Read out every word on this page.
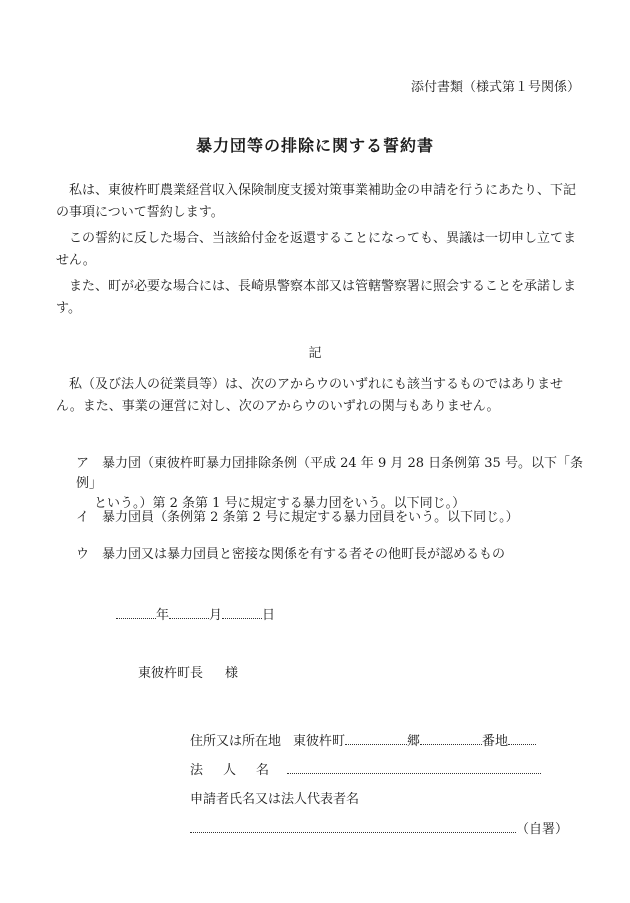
添付書類（様式第１号関係）
暴力団等の排除に関する誓約書
私は、東彼杵町農業経営収入保険制度支援対策事業補助金の申請を行うにあたり、下記の事項について誓約します。
この誓約に反した場合、当該給付金を返還することになっても、異議は一切申し立てません。
また、町が必要な場合には、長崎県警察本部又は管轄警察署に照会することを承諾します。
記
私（及び法人の従業員等）は、次のアからウのいずれにも該当するものではありません。また、事業の運営に対し、次のアからウのいずれの関与もありません。
ア 暴力団（東彼杵町暴力団排除条例（平成 24 年 9 月 28 日条例第 35 号。以下「条例」
という。）第 2 条第 1 号に規定する暴力団をいう。以下同じ。）
イ 暴力団員（条例第 2 条第 2 号に規定する暴力団員をいう。以下同じ。）
ウ 暴力団又は暴力団員と密接な関係を有する者その他町長が認めるもの
年	月	日
東彼杵町長 様
住所又は所在地 東彼杵町	郷	番地
法 人 名
申請者氏名又は法人代表者名
（自署）
